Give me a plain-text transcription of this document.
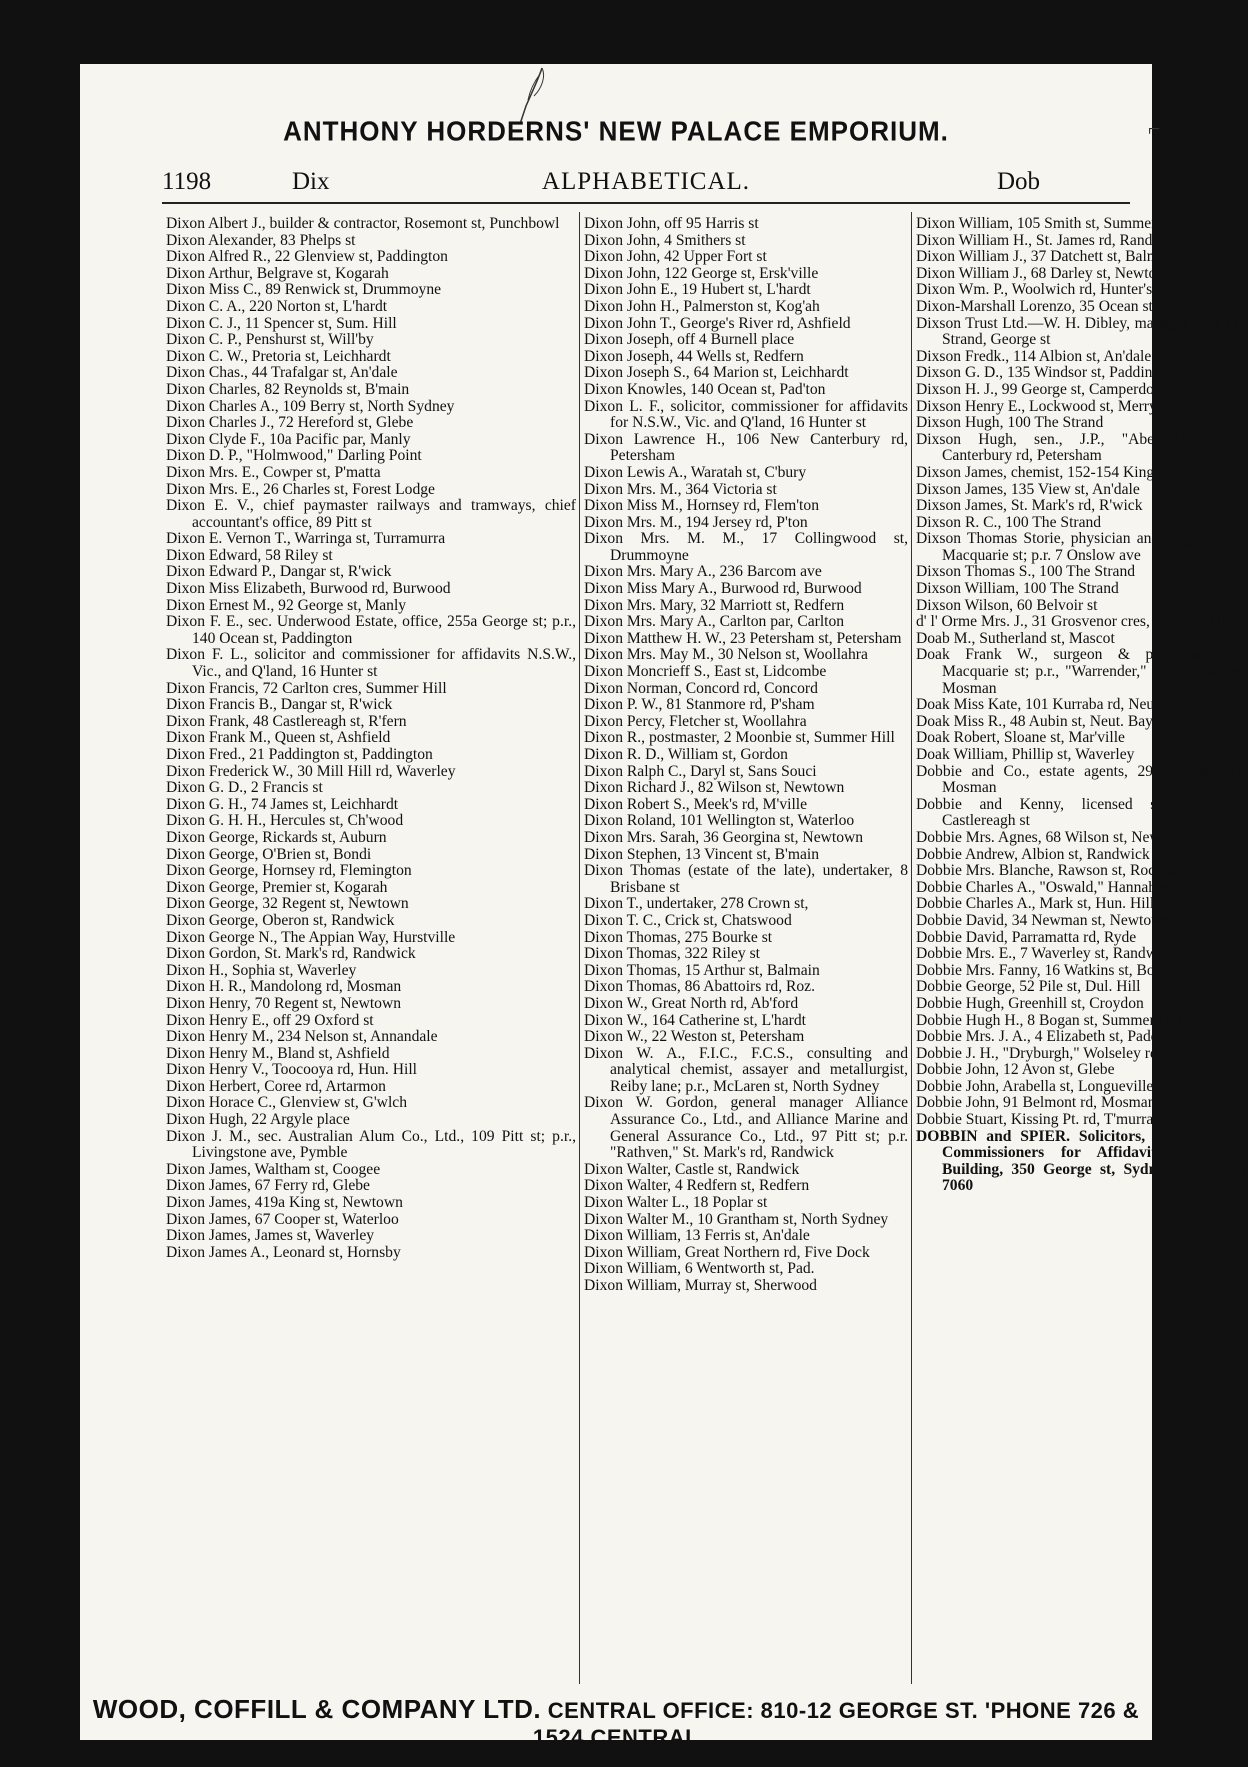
ANTHONY HORDERNS' NEW PALACE EMPORIUM.	⌐
1198	Dix	ALPHABETICAL.	Dob

Dixon Albert J., builder & contractor, Rosemont st, Punchbowl

Dixon Alexander, 83 Phelps st

Dixon Alfred R., 22 Glenview st, Paddington

Dixon Arthur, Belgrave st, Kogarah

Dixon Miss C., 89 Renwick st, Drummoyne

Dixon C. A., 220 Norton st, L'hardt

Dixon C. J., 11 Spencer st, Sum. Hill

Dixon C. P., Penshurst st, Will'by

Dixon C. W., Pretoria st, Leichhardt

Dixon Chas., 44 Trafalgar st, An'dale

Dixon Charles, 82 Reynolds st, B'main

Dixon Charles A., 109 Berry st, North Sydney

Dixon Charles J., 72 Hereford st, Glebe

Dixon Clyde F., 10a Pacific par, Manly

Dixon D. P., "Holmwood," Darling Point

Dixon Mrs. E., Cowper st, P'matta

Dixon Mrs. E., 26 Charles st, Forest Lodge

Dixon E. V., chief paymaster railways and tramways, chief accountant's office, 89 Pitt st

Dixon E. Vernon T., Warringa st, Turramurra

Dixon Edward, 58 Riley st

Dixon Edward P., Dangar st, R'wick

Dixon Miss Elizabeth, Burwood rd, Burwood

Dixon Ernest M., 92 George st, Manly

Dixon F. E., sec. Underwood Estate, office, 255a George st; p.r., 140 Ocean st, Paddington

Dixon F. L., solicitor and commissioner for affidavits N.S.W., Vic., and Q'land, 16 Hunter st

Dixon Francis, 72 Carlton cres, Summer Hill

Dixon Francis B., Dangar st, R'wick

Dixon Frank, 48 Castlereagh st, R'fern

Dixon Frank M., Queen st, Ashfield

Dixon Fred., 21 Paddington st, Paddington

Dixon Frederick W., 30 Mill Hill rd, Waverley

Dixon G. D., 2 Francis st

Dixon G. H., 74 James st, Leichhardt

Dixon G. H. H., Hercules st, Ch'wood

Dixon George, Rickards st, Auburn

Dixon George, O'Brien st, Bondi

Dixon George, Hornsey rd, Flemington

Dixon George, Premier st, Kogarah

Dixon George, 32 Regent st, Newtown

Dixon George, Oberon st, Randwick

Dixon George N., The Appian Way, Hurstville

Dixon Gordon, St. Mark's rd, Randwick

Dixon H., Sophia st, Waverley

Dixon H. R., Mandolong rd, Mosman

Dixon Henry, 70 Regent st, Newtown

Dixon Henry E., off 29 Oxford st

Dixon Henry M., 234 Nelson st, Annandale

Dixon Henry M., Bland st, Ashfield

Dixon Henry V., Toocooya rd, Hun. Hill

Dixon Herbert, Coree rd, Artarmon

Dixon Horace C., Glenview st, G'wlch

Dixon Hugh, 22 Argyle place

Dixon J. M., sec. Australian Alum Co., Ltd., 109 Pitt st; p.r., Livingstone ave, Pymble

Dixon James, Waltham st, Coogee

Dixon James, 67 Ferry rd, Glebe

Dixon James, 419a King st, Newtown

Dixon James, 67 Cooper st, Waterloo

Dixon James, James st, Waverley

Dixon James A., Leonard st, Hornsby

Dixon John, off 95 Harris st

Dixon John, 4 Smithers st

Dixon John, 42 Upper Fort st

Dixon John, 122 George st, Ersk'ville

Dixon John E., 19 Hubert st, L'hardt

Dixon John H., Palmerston st, Kog'ah

Dixon John T., George's River rd, Ashfield

Dixon Joseph, off 4 Burnell place

Dixon Joseph, 44 Wells st, Redfern

Dixon Joseph S., 64 Marion st, Leichhardt

Dixon Knowles, 140 Ocean st, Pad'ton

Dixon L. F., solicitor, commissioner for affidavits for N.S.W., Vic. and Q'land, 16 Hunter st

Dixon Lawrence H., 106 New Canterbury rd, Petersham

Dixon Lewis A., Waratah st, C'bury

Dixon Mrs. M., 364 Victoria st

Dixon Miss M., Hornsey rd, Flem'ton

Dixon Mrs. M., 194 Jersey rd, P'ton

Dixon Mrs. M. M., 17 Collingwood st, Drummoyne

Dixon Mrs. Mary A., 236 Barcom ave

Dixon Miss Mary A., Burwood rd, Burwood

Dixon Mrs. Mary, 32 Marriott st, Redfern

Dixon Mrs. Mary A., Carlton par, Carlton

Dixon Matthew H. W., 23 Petersham st, Petersham

Dixon Mrs. May M., 30 Nelson st, Woollahra

Dixon Moncrieff S., East st, Lidcombe

Dixon Norman, Concord rd, Concord

Dixon P. W., 81 Stanmore rd, P'sham

Dixon Percy, Fletcher st, Woollahra

Dixon R., postmaster, 2 Moonbie st, Summer Hill

Dixon R. D., William st, Gordon

Dixon Ralph C., Daryl st, Sans Souci

Dixon Richard J., 82 Wilson st, Newtown

Dixon Robert S., Meek's rd, M'ville

Dixon Roland, 101 Wellington st, Waterloo

Dixon Mrs. Sarah, 36 Georgina st, Newtown

Dixon Stephen, 13 Vincent st, B'main

Dixon Thomas (estate of the late), undertaker, 8 Brisbane st

Dixon T., undertaker, 278 Crown st,

Dixon T. C., Crick st, Chatswood

Dixon Thomas, 275 Bourke st

Dixon Thomas, 322 Riley st

Dixon Thomas, 15 Arthur st, Balmain

Dixon Thomas, 86 Abattoirs rd, Roz.

Dixon W., Great North rd, Ab'ford

Dixon W., 164 Catherine st, L'hardt

Dixon W., 22 Weston st, Petersham

Dixon W. A., F.I.C., F.C.S., consulting and analytical chemist, assayer and metallurgist, Reiby lane; p.r., McLaren st, North Sydney

Dixon W. Gordon, general manager Alliance Assurance Co., Ltd., and Alliance Marine and General Assurance Co., Ltd., 97 Pitt st; p.r. "Rathven," St. Mark's rd, Randwick

Dixon Walter, Castle st, Randwick

Dixon Walter, 4 Redfern st, Redfern

Dixon Walter L., 18 Poplar st

Dixon Walter M., 10 Grantham st, North Sydney

Dixon William, 13 Ferris st, An'dale

Dixon William, Great Northern rd, Five Dock

Dixon William, 6 Wentworth st, Pad.

Dixon William, Murray st, Sherwood

Dixon William, 105 Smith st, Summer Hill

Dixon William H., St. James rd, Randwick

Dixon William J., 37 Datchett st, Balmain

Dixon William J., 68 Darley st, Newtown

Dixon Wm. P., Woolwich rd, Hunter's Hill

Dixon-Marshall Lorenzo, 35 Ocean st, Bondi

Dixson Trust Ltd.—W. H. Dibley, manager, 100 The Strand, George st

Dixson Fredk., 114 Albion st, An'dale

Dixson G. D., 135 Windsor st, Paddington

Dixson H. J., 99 George st, Camperdown

Dixson Henry E., Lockwood st, Merrylands

Dixson Hugh, 100 The Strand

Dixson Hugh, sen., J.P., "Abergeldie," Old Canterbury rd, Petersham

Dixson James, chemist, 152-154 King st

Dixson James, 135 View st, An'dale

Dixson James, St. Mark's rd, R'wick

Dixson R. C., 100 The Strand

Dixson Thomas Storie, physician and surgeon, 225 Macquarie st; p.r. 7 Onslow ave

Dixson Thomas S., 100 The Strand

Dixson William, 100 The Strand

Dixson Wilson, 60 Belvoir st

d' l' Orme Mrs. J., 31 Grosvenor cres, Summer Hill

Doab M., Sutherland st, Mascot

Doak Frank W., surgeon & physician, 235 Macquarie st; p.r., "Warrender," 90 Military rd, Mosman

Doak Miss Kate, 101 Kurraba rd, Neutral Bay

Doak Miss R., 48 Aubin st, Neut. Bay

Doak Robert, Sloane st, Mar'ville

Doak William, Phillip st, Waverley

Dobbie and Co., estate agents, 291 Military rd, Mosman

Dobbie and Kenny, licensed surveyors, 2b Castlereagh st

Dobbie Mrs. Agnes, 68 Wilson st, Newtown

Dobbie Andrew, Albion st, Randwick

Dobbie Mrs. Blanche, Rawson st, Rockdale

Dobbie Charles A., "Oswald," Hannah st, Beecroft

Dobbie Charles A., Mark st, Hun. Hill

Dobbie David, 34 Newman st, Newtown

Dobbie David, Parramatta rd, Ryde

Dobbie Mrs. E., 7 Waverley st, Randwick

Dobbie Mrs. Fanny, 16 Watkins st, Bondi

Dobbie George, 52 Pile st, Dul. Hill

Dobbie Hugh, Greenhill st, Croydon

Dobbie Hugh H., 8 Bogan st, Summer Hill

Dobbie Mrs. J. A., 4 Elizabeth st, Paddington

Dobbie J. H., "Dryburgh," Wolseley rd, Point Piper

Dobbie John, 12 Avon st, Glebe

Dobbie John, Arabella st, Longueville

Dobbie John, 91 Belmont rd, Mosman

Dobbie Stuart, Kissing Pt. rd, T'murra

DOBBIN and SPIER. Solicitors, Notaries, and Commissioners for Affidavits, Equitable Building, 350 George st, Sydney. Tel., City 7060

WOOD, COFFILL & COMPANY LTD. CENTRAL OFFICE: 810-12 GEORGE ST. 'PHONE 726 & 1524 CENTRAL
